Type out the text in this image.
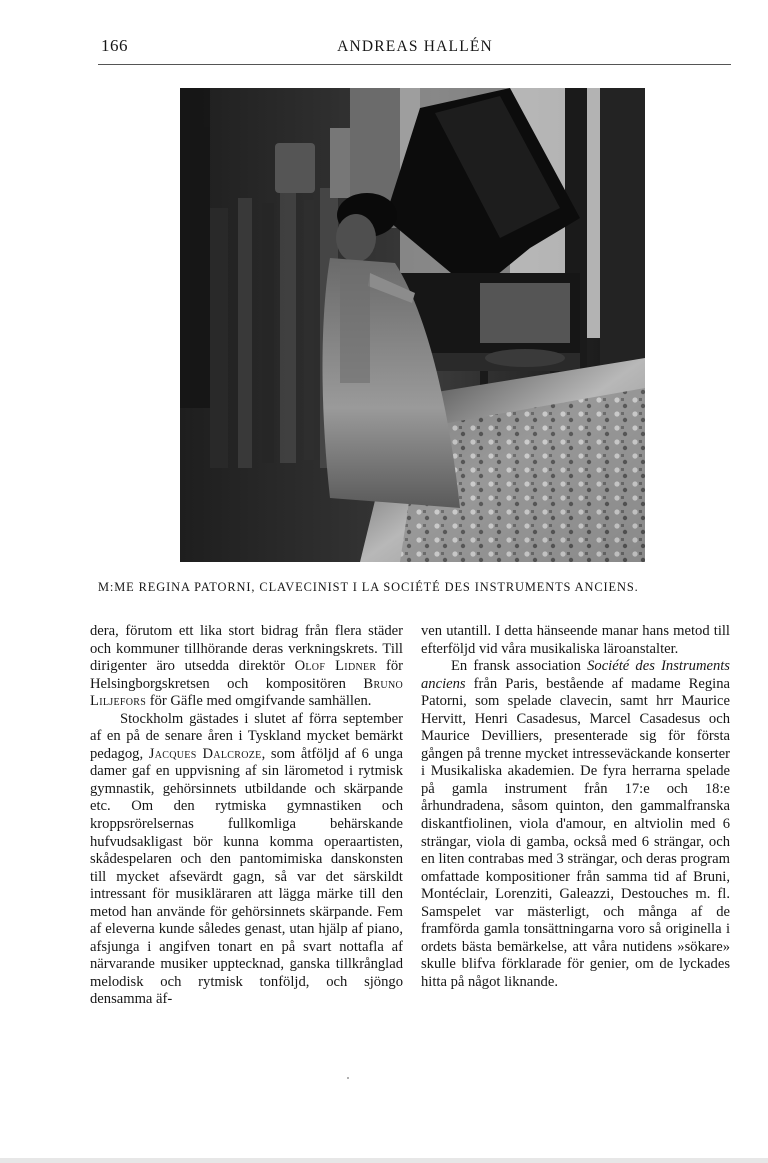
166	ANDREAS HALLÉN
M:ME REGINA PATORNI, CLAVECINIST I LA SOCIÉTÉ DES INSTRUMENTS ANCIENS.

dera, förutom ett lika stort bidrag från flera städer och kommuner tillhörande deras verkningskrets. Till dirigenter äro utsedda direktör Olof Lidner för Helsingborgskretsen och kompositören Bruno Liljefors för Gäfle med omgifvande samhällen.

Stockholm gästades i slutet af förra september af en på de senare åren i Tyskland mycket bemärkt pedagog, Jacques Dalcroze, som åtföljd af 6 unga damer gaf en uppvisning af sin lärometod i rytmisk gymnastik, gehörsinnets utbildande och skärpande etc. Om den rytmiska gymnastiken och kroppsrörelsernas fullkomliga behärskande hufvudsakligast bör kunna komma operaartisten, skådespelaren och den pantomimiska danskonsten till mycket afsevärdt gagn, så var det särskildt intressant för musikläraren att lägga märke till den metod han använde för gehörsinnets skärpande. Fem af eleverna kunde således genast, utan hjälp af piano, afsjunga i angifven tonart en på svart nottafla af närvarande musiker upptecknad, ganska tillkrånglad melodisk och rytmisk tonföljd, och sjöngo densamma äf-

ven utantill. I detta hänseende manar hans metod till efterföljd vid våra musikaliska läroanstalter.

En fransk association Société des Instruments anciens från Paris, bestående af madame Regina Patorni, som spelade clavecin, samt hrr Maurice Hervitt, Henri Casadesus, Marcel Casadesus och Maurice Devilliers, presenterade sig för första gången på trenne mycket intresseväckande konserter i Musikaliska akademien. De fyra herrarna spelade på gamla instrument från 17:e och 18:e århundradena, såsom quinton, den gammalfranska diskantfiolinen, viola d'amour, en altviolin med 6 strängar, viola di gamba, också med 6 strängar, och en liten contrabas med 3 strängar, och deras program omfattade kompositioner från samma tid af Bruni, Montéclair, Lorenziti, Galeazzi, Destouches m. fl. Samspelet var mästerligt, och många af de framförda gamla tonsättningarna voro så originella i ordets bästa bemärkelse, att våra nutidens »sökare» skulle blifva förklarade för genier, om de lyckades hitta på något liknande.
